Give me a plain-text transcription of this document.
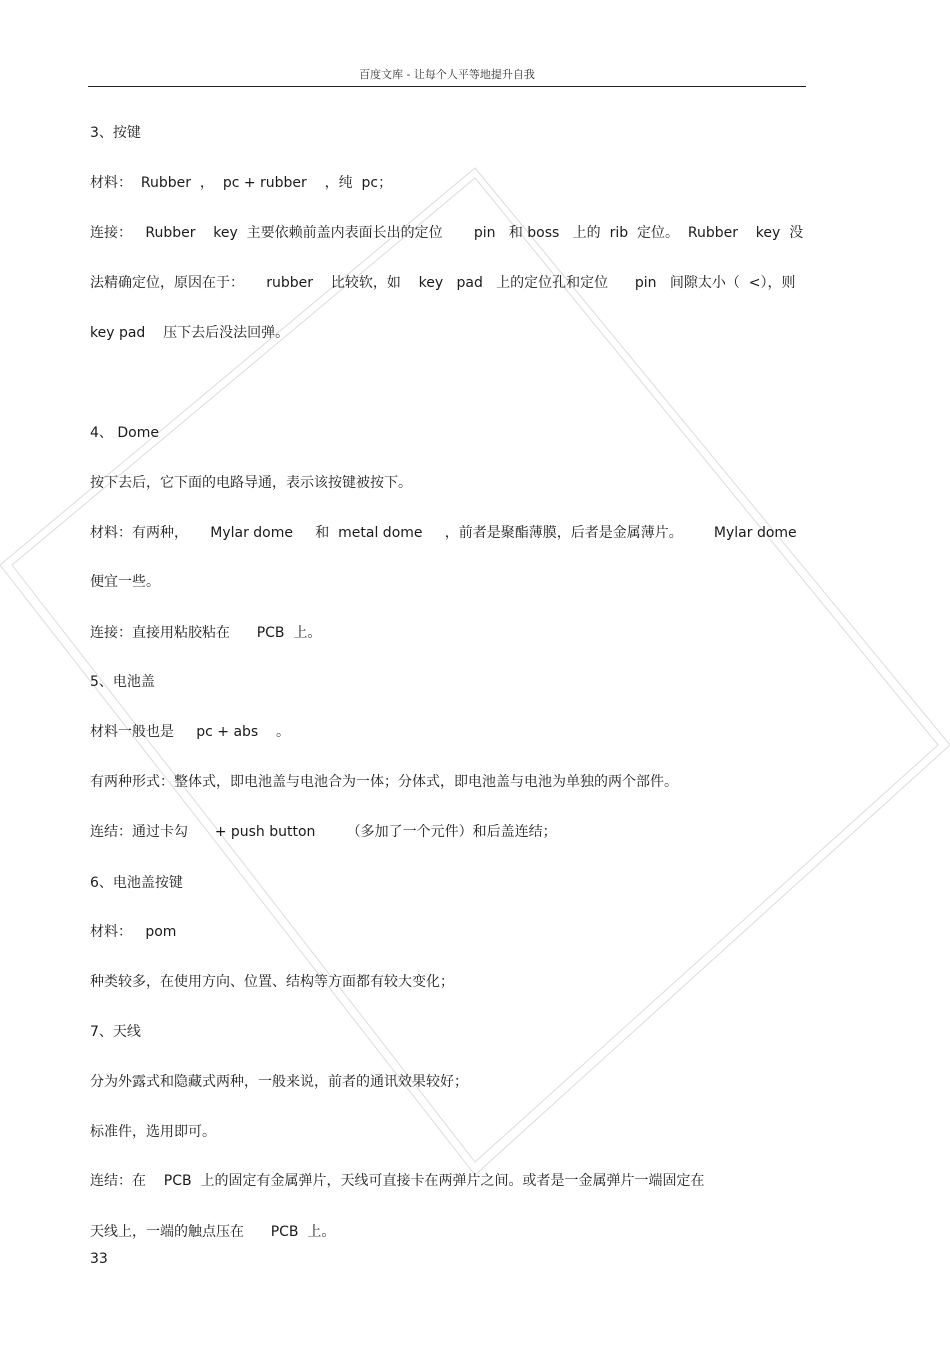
百度文库 - 让每个人平等地提升自我
3、按键
材料：  Rubber  ，  pc + rubber    ，纯  pc；
连接：   Rubber    key  主要依赖前盖内表面长出的定位       pin   和 boss   上的  rib  定位。  Rubber    key  没
法精确定位，原因在于：     rubber    比较软，如    key   pad   上的定位孔和定位      pin   间隙太小（  <），则
key pad    压下去后没法回弹。
4、 Dome
按下去后，它下面的电路导通，表示该按键被按下。
材料：有两种，     Mylar dome     和  metal dome     ，前者是聚酯薄膜，后者是金属薄片。       Mylar dome
便宜一些。
连接：直接用粘胶粘在      PCB  上。
5、电池盖
材料一般也是     pc + abs    。
有两种形式：整体式，即电池盖与电池合为一体；分体式，即电池盖与电池为单独的两个部件。
连结：通过卡勾      + push button       （多加了一个元件）和后盖连结；
6、电池盖按键
材料：   pom
种类较多，在使用方向、位置、结构等方面都有较大变化；
7、天线
分为外露式和隐藏式两种，一般来说，前者的通讯效果较好；
标准件，选用即可。
连结：在    PCB  上的固定有金属弹片，天线可直接卡在两弹片之间。或者是一金属弹片一端固定在
天线上，一端的触点压在      PCB  上。
33
